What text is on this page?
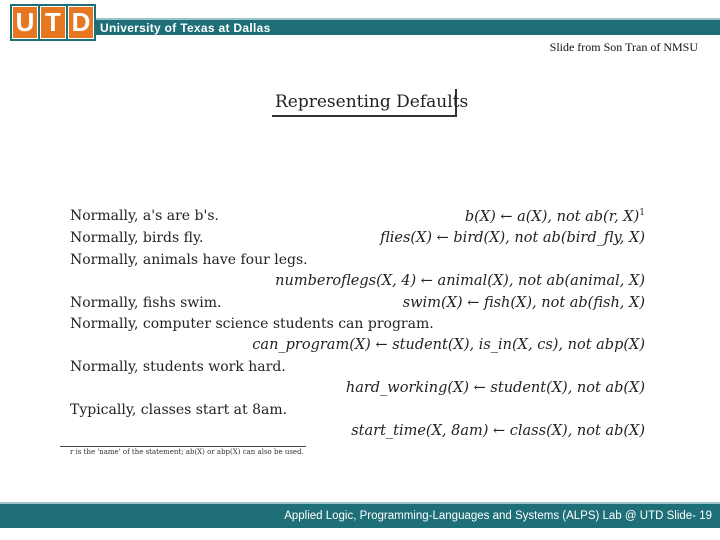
University of Texas at Dallas
U T D
Slide from Son Tran of NMSU
Representing Defaults
Normally, a's are b's.
Normally, birds fly.
Normally, animals have four legs.
Normally, fishs swim.
Normally, computer science students can program.
Normally, students work hard.
Typically, classes start at 8am.
b(X) ← a(X), not ab(r, X)$^1$
flies(X) ← bird(X), not ab(bird_fly, X)
numberoflegs(X, 4) ← animal(X), not ab(animal, X)
swim(X) ← fish(X), not ab(fish, X)
can_program(X) ← student(X), is_in(X, cs), not abp(X)
hard_working(X) ← student(X), not ab(X)
start_time(X, 8am) ← class(X), not ab(X)
r is the 'name' of the statement; ab(X) or abp(X) can also be used.
Applied Logic, Programming-Languages and Systems (ALPS) Lab @ UTD Slide- 19
